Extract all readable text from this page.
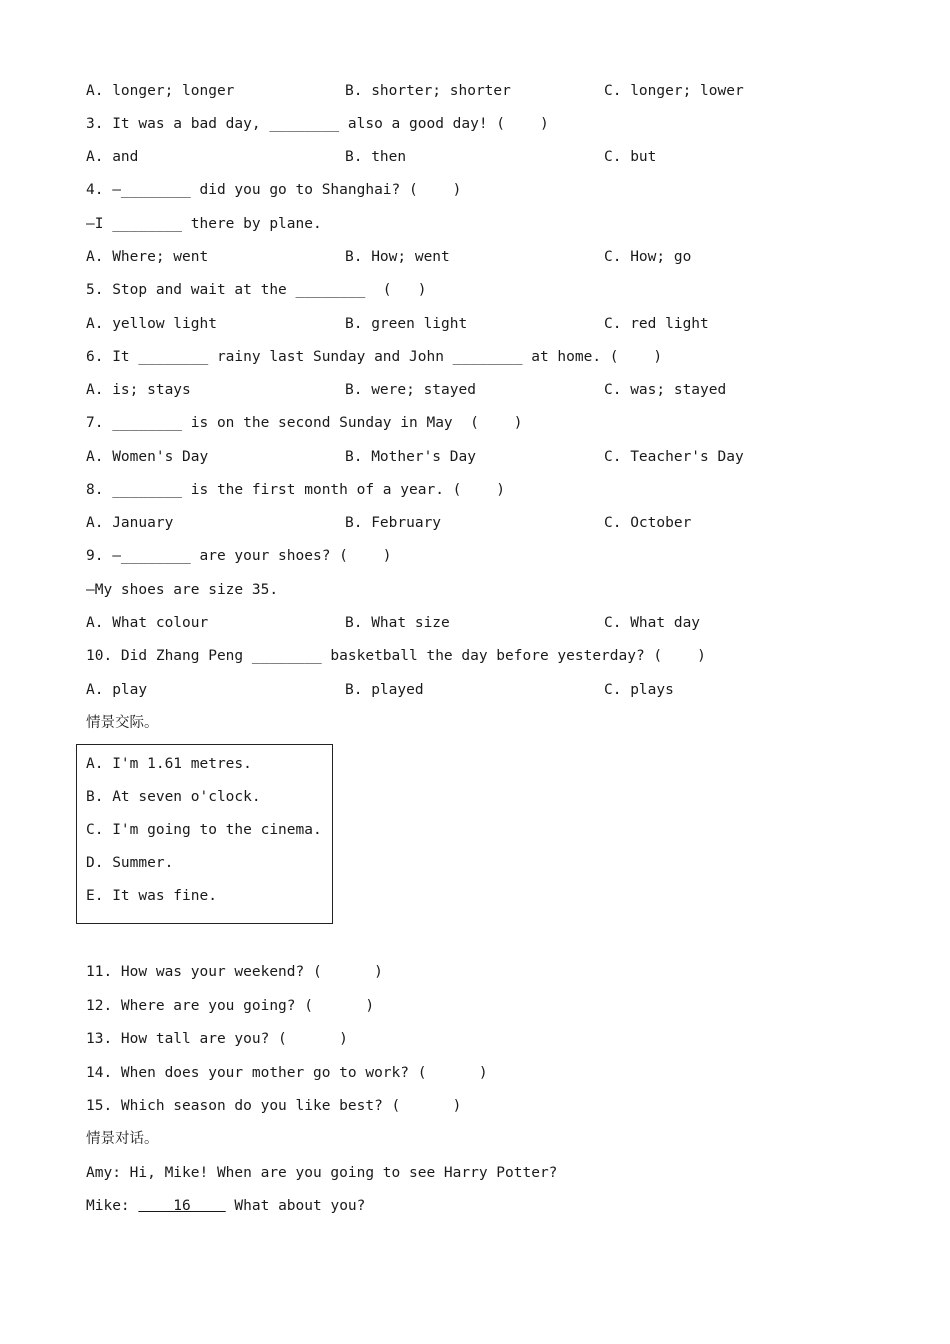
A. longer; longer	B. shorter; shorter	C. longer; lower
3. It was a bad day, ________ also a good day! (    )
A. and	B. then	C. but
4. —________ did you go to Shanghai? (    )
—I ________ there by plane.
A. Where; went	B. How; went	C. How; go
5. Stop and wait at the ________  (   )
A. yellow light	B. green light	C. red light
6. It ________ rainy last Sunday and John ________ at home. (    )
A. is; stays	B. were; stayed	C. was; stayed
7. ________ is on the second Sunday in May  (    )
A. Women's Day	B. Mother's Day	C. Teacher's Day
8. ________ is the first month of a year. (    )
A. January	B. February	C. October
9. —________ are your shoes? (    )
—My shoes are size 35.
A. What colour	B. What size	C. What day
10. Did Zhang Peng ________ basketball the day before yesterday? (    )
A. play	B. played	C. plays
情景交际。
A. I'm 1.61 metres.
B. At seven o'clock.
C. I'm going to the cinema.
D. Summer.
E. It was fine.
11. How was your weekend? (      )
12. Where are you going? (      )
13. How tall are you? (      )
14. When does your mother go to work? (      )
15. Which season do you like best? (      )
情景对话。
Amy: Hi, Mike! When are you going to see Harry Potter?
Mike:     16     What about you?
